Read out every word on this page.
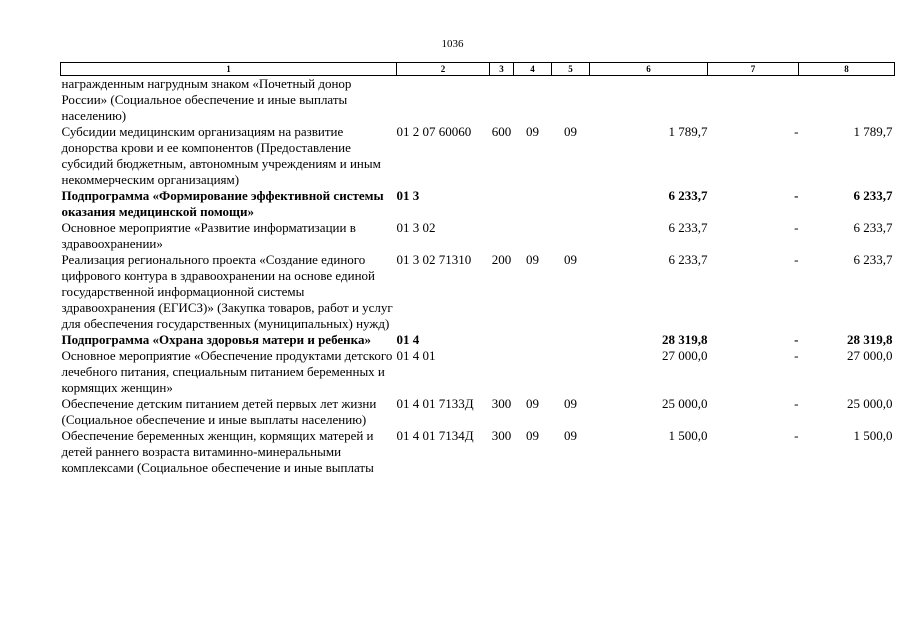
1036
1	2	3	4	5	6	7	8
награжденным нагрудным знаком «Почетный донор России» (Социальное обеспечение и иные выплаты населению)							
Субсидии медицинским организациям на развитие донорства крови и ее компонентов (Предоставление субсидий бюджетным, автономным учреждениям и иным некоммерческим организациям)	01 2 07 60060	600	09	09	1 789,7	-	1 789,7
Подпрограмма «Формирование эффективной системы оказания медицинской помощи»	01 3				6 233,7	-	6 233,7
Основное мероприятие «Развитие информатизации в здравоохранении»	01 3 02				6 233,7	-	6 233,7
Реализация регионального проекта «Создание единого цифрового контура в здравоохранении на основе единой государственной информационной системы здравоохранения (ЕГИСЗ)» (Закупка товаров, работ и услуг для обеспечения государственных (муниципальных) нужд)	01 3 02 71310	200	09	09	6 233,7	-	6 233,7
Подпрограмма «Охрана здоровья матери и ребенка»	01 4				28 319,8	-	28 319,8
Основное мероприятие «Обеспечение продуктами детского лечебного питания, специальным питанием беременных и кормящих женщин»	01 4 01				27 000,0	-	27 000,0
Обеспечение детским питанием детей первых лет жизни (Социальное обеспечение и иные выплаты населению)	01 4 01 7133Д	300	09	09	25 000,0	-	25 000,0
Обеспечение беременных женщин, кормящих матерей и детей раннего возраста витаминно-минеральными комплексами (Социальное обеспечение и иные выплаты	01 4 01 7134Д	300	09	09	1 500,0	-	1 500,0
